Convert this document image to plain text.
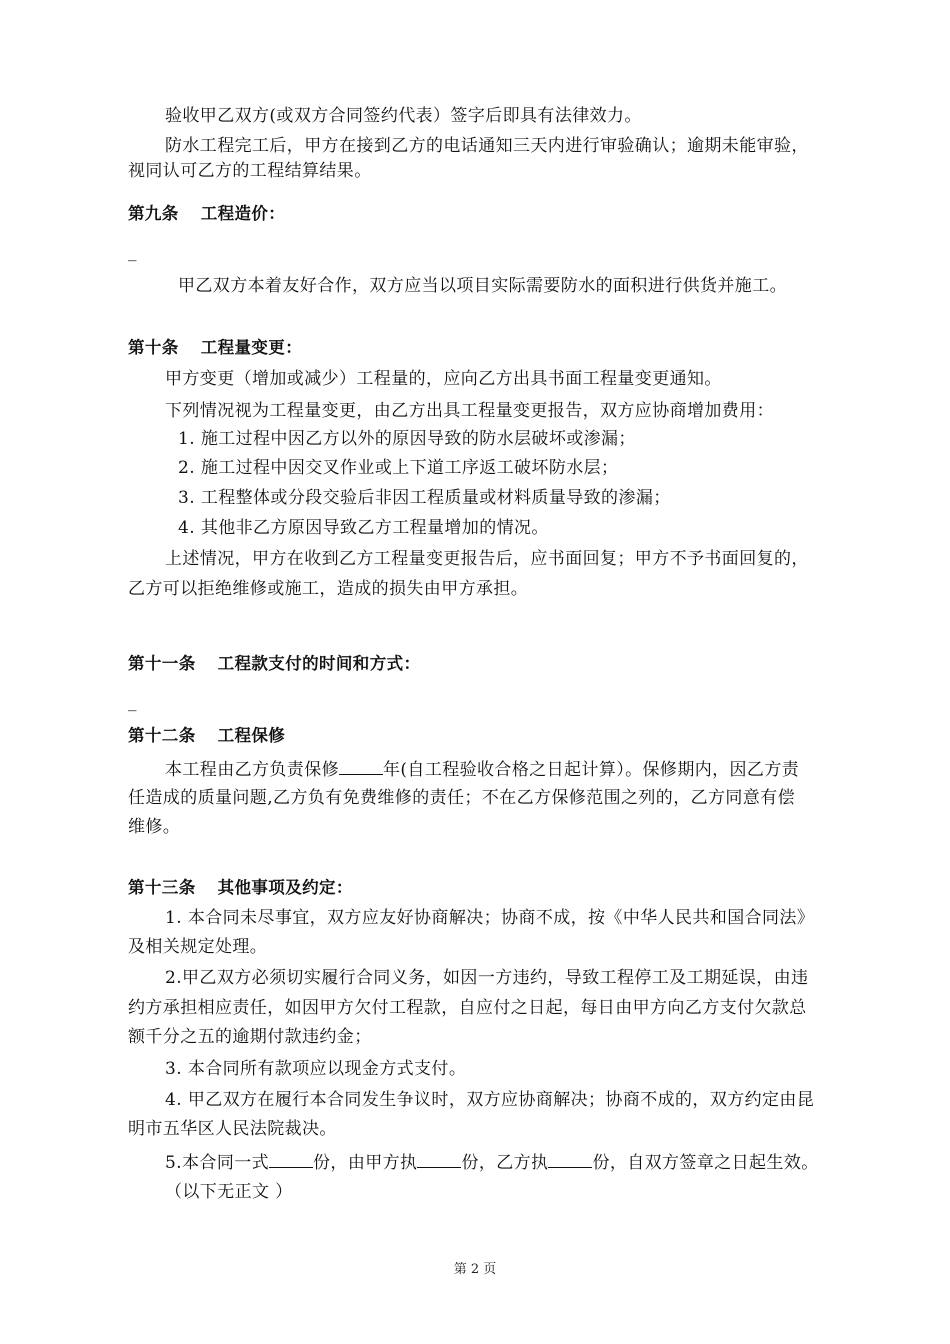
验收甲乙双方(或双方合同签约代表）签字后即具有法律效力。
防水工程完工后，甲方在接到乙方的电话通知三天内进行审验确认；逾期未能审验，
视同认可乙方的工程结算结果。
第九条 工程造价：
_
甲乙双方本着友好合作，双方应当以项目实际需要防水的面积进行供货并施工。
第十条 工程量变更：
甲方变更（增加或减少）工程量的，应向乙方出具书面工程量变更通知。
下列情况视为工程量变更，由乙方出具工程量变更报告，双方应协商增加费用：
1. 施工过程中因乙方以外的原因导致的防水层破坏或渗漏；
2. 施工过程中因交叉作业或上下道工序返工破坏防水层；
3. 工程整体或分段交验后非因工程质量或材料质量导致的渗漏；
4. 其他非乙方原因导致乙方工程量增加的情况。
上述情况，甲方在收到乙方工程量变更报告后，应书面回复；甲方不予书面回复的，
乙方可以拒绝维修或施工，造成的损失由甲方承担。
第十一条 工程款支付的时间和方式：
_
第十二条 工程保修
本工程由乙方负责保修	年(自工程验收合格之日起计算）。保修期内，因乙方责
任造成的质量问题,乙方负有免费维修的责任；不在乙方保修范围之列的，乙方同意有偿
维修。
第十三条 其他事项及约定：
1. 本合同未尽事宜，双方应友好协商解决；协商不成，按《中华人民共和国合同法》
及相关规定处理。
2.甲乙双方必须切实履行合同义务，如因一方违约，导致工程停工及工期延误，由违
约方承担相应责任，如因甲方欠付工程款，自应付之日起，每日由甲方向乙方支付欠款总
额千分之五的逾期付款违约金；
3. 本合同所有款项应以现金方式支付。
4. 甲乙双方在履行本合同发生争议时，双方应协商解决；协商不成的，双方约定由昆
明市五华区人民法院裁决。
5.本合同一式	份，由甲方执	份，乙方执	份，自双方签章之日起生效。
（以下无正文 ）
第 2 页
